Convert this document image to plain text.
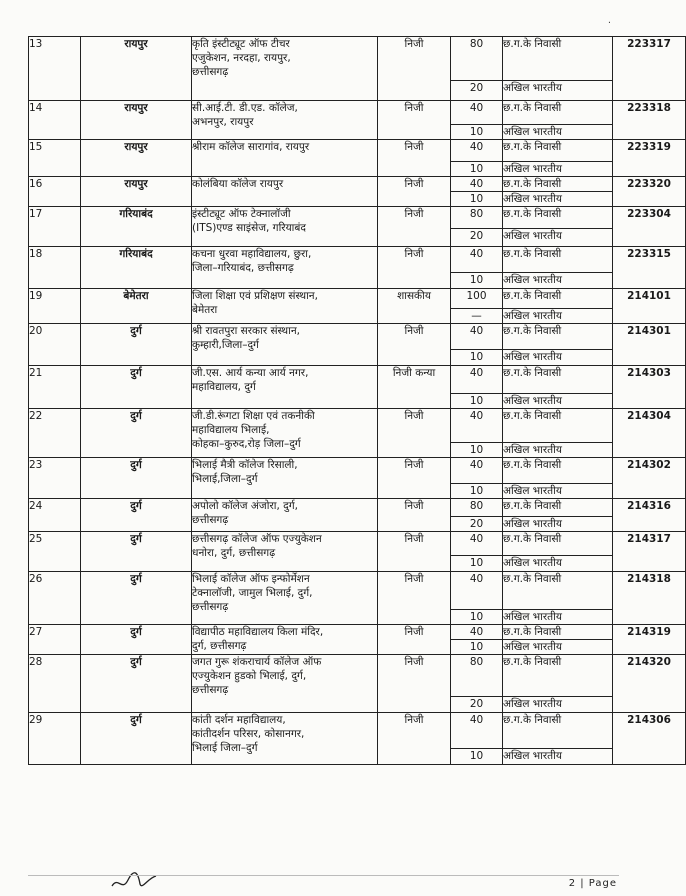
·
13	रायपुर	कृति इंस्टीट्यूट ऑफ टीचर
एजुकेशन, नरदहा, रायपुर,
छत्तीसगढ़	निजी	80	छ.ग.के निवासी	223317
				20	अखिल भारतीय	
14	रायपुर	सी.आई.टी. डी.एड. कॉलेज,
अभनपुर, रायपुर	निजी	40	छ.ग.के निवासी	223318
				10	अखिल भारतीय	
15	रायपुर	श्रीराम कॉलेज सारागांव, रायपुर	निजी	40	छ.ग.के निवासी	223319
				10	अखिल भारतीय	
16	रायपुर	कोलंबिया कॉलेज रायपुर	निजी	40	छ.ग.के निवासी	223320
				10	अखिल भारतीय	
17	गरियाबंद	इंस्टीट्यूट ऑफ टेक्नालॉजी
(ITS)एण्ड साइंसेज, गरियाबंद	निजी	80	छ.ग.के निवासी	223304
				20	अखिल भारतीय	
18	गरियाबंद	कचना धुरवा महाविद्यालय, छुरा,
जिला–गरियाबंद, छत्तीसगढ़	निजी	40	छ.ग.के निवासी	223315
				10	अखिल भारतीय	
19	बेमेतरा	जिला शिक्षा एवं प्रशिक्षण संस्थान,
बेमेतरा	शासकीय	100	छ.ग.के निवासी	214101
				—	अखिल भारतीय	
20	दुर्ग	श्री रावतपुरा सरकार संस्थान,
कुम्हारी,जिला–दुर्ग	निजी	40	छ.ग.के निवासी	214301
				10	अखिल भारतीय	
21	दुर्ग	जी.एस. आर्य कन्या आर्य नगर,
महाविद्यालय, दुर्ग	निजी कन्या	40	छ.ग.के निवासी	214303
				10	अखिल भारतीय	
22	दुर्ग	जी.डी.रूंगटा शिक्षा एवं तकनीकी
महाविद्यालय भिलाई,
कोहका–कुरुद,रोड़ जिला–दुर्ग	निजी	40	छ.ग.के निवासी	214304
				10	अखिल भारतीय	
23	दुर्ग	भिलाई मैत्री कॉलेज रिसाली,
भिलाई,जिला–दुर्ग	निजी	40	छ.ग.के निवासी	214302
				10	अखिल भारतीय	
24	दुर्ग	अपोलो कॉलेज अंजोरा, दुर्ग,
छत्तीसगढ़	निजी	80	छ.ग.के निवासी	214316
				20	अखिल भारतीय	
25	दुर्ग	छत्तीसगढ़ कॉलेज ऑफ एज्युकेशन
धनोरा, दुर्ग, छत्तीसगढ़	निजी	40	छ.ग.के निवासी	214317
				10	अखिल भारतीय	
26	दुर्ग	भिलाई कॉलेज ऑफ इन्फोर्मेशन
टेक्नालॉजी, जामुल भिलाई, दुर्ग,
छत्तीसगढ़	निजी	40	छ.ग.के निवासी	214318
				10	अखिल भारतीय	
27	दुर्ग	विद्यापीठ महाविद्यालय किला मंदिर,
दुर्ग, छत्तीसगढ़	निजी	40	छ.ग.के निवासी	214319
				10	अखिल भारतीय	
28	दुर्ग	जगत गुरू शंकराचार्य कॉलेज ऑफ
एज्युकेशन हुडको भिलाई, दुर्ग,
छत्तीसगढ़	निजी	80	छ.ग.के निवासी	214320
				20	अखिल भारतीय	
29	दुर्ग	कांती दर्शन महाविद्यालय,
कांतीदर्शन परिसर, कोसानगर,
भिलाई जिला–दुर्ग	निजी	40	छ.ग.के निवासी	214306
				10	अखिल भारतीय	
2 | Page
